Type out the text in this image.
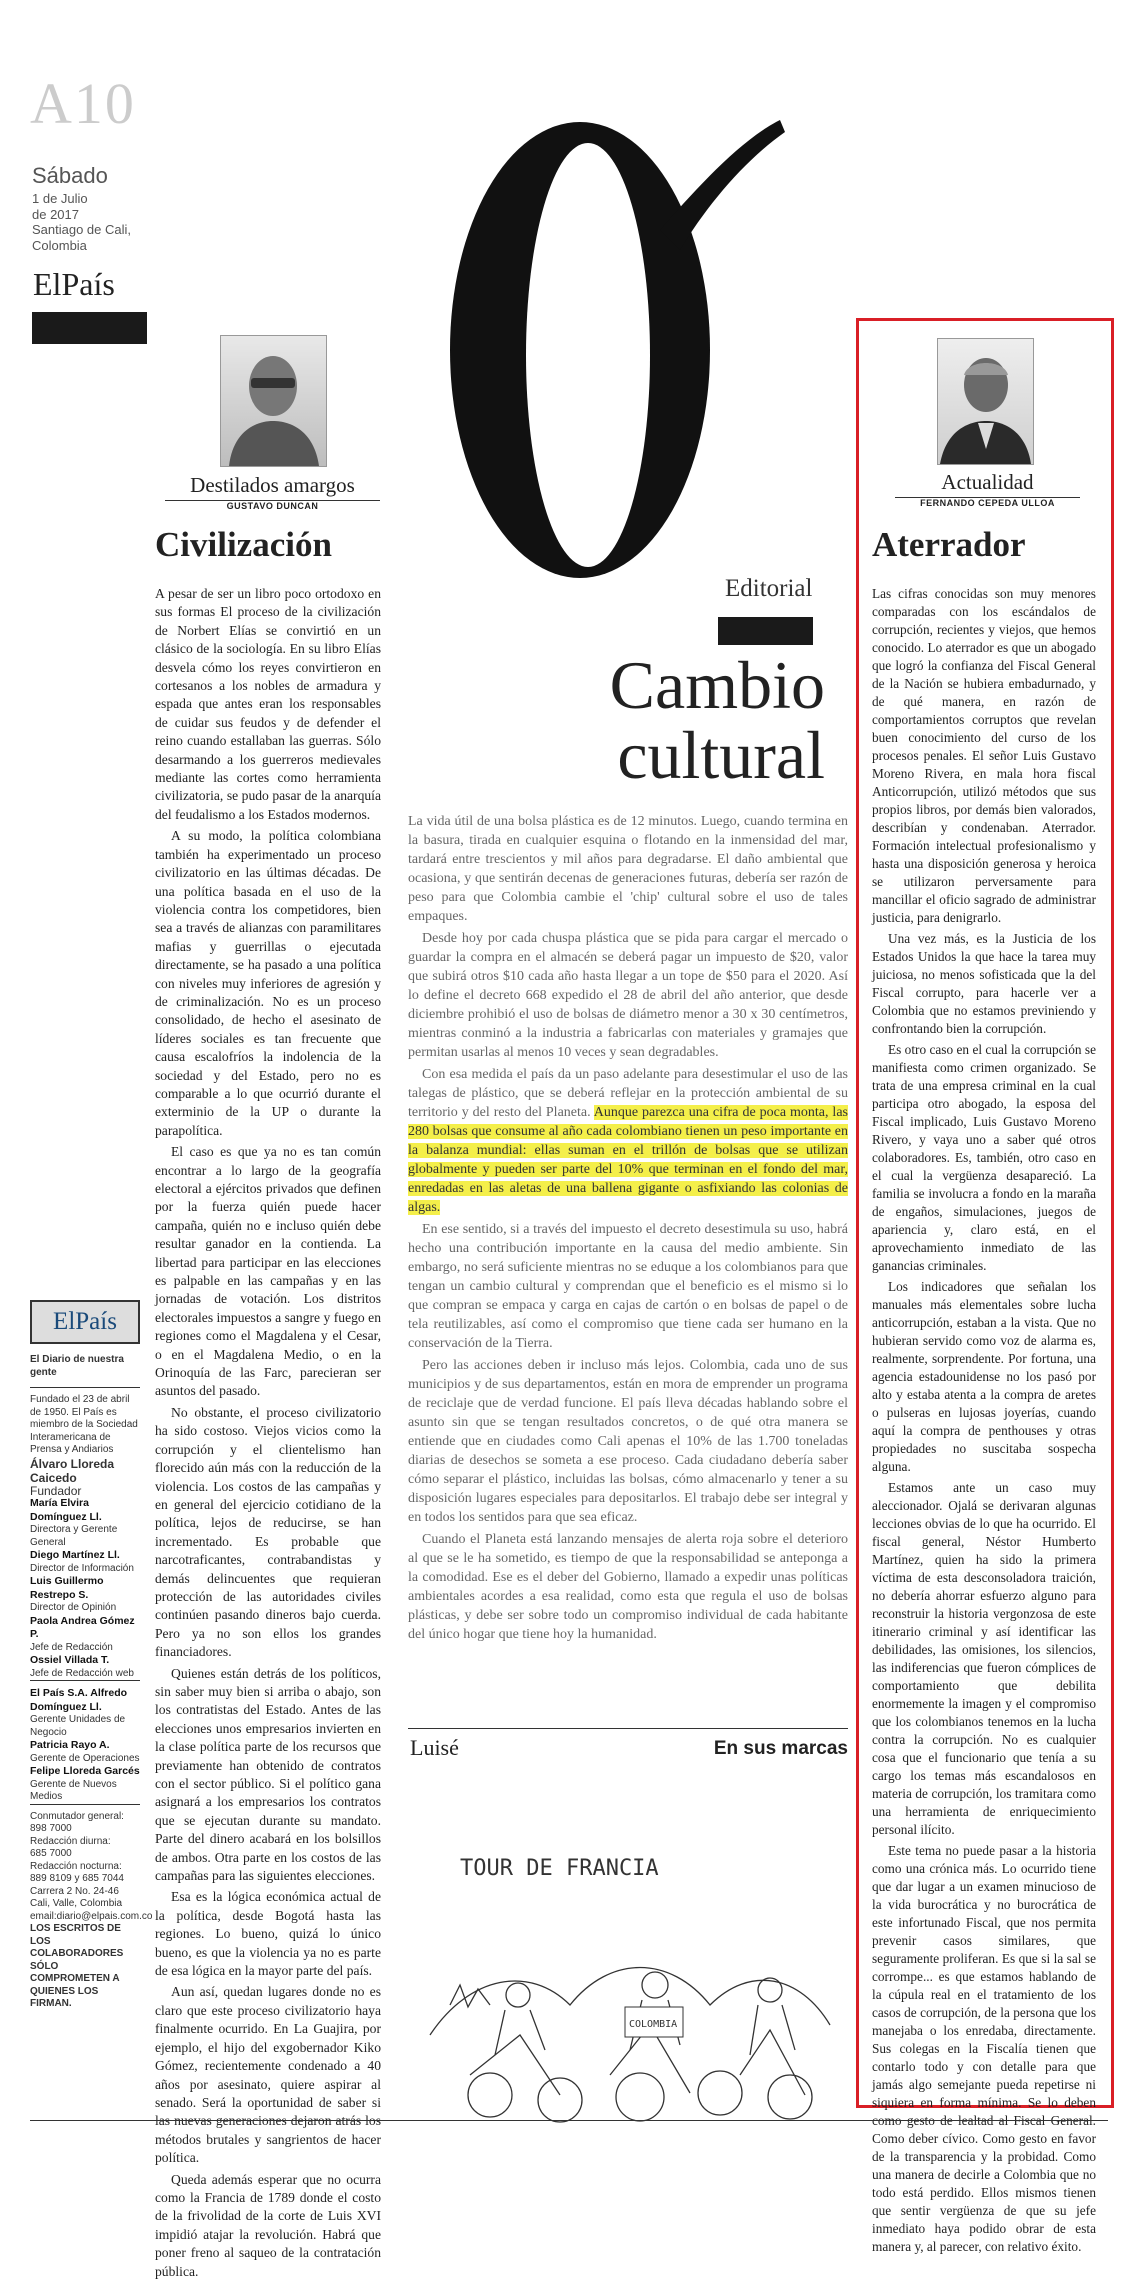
A10
Sábado
1 de Julio
de 2017
Santiago de Cali,
Colombia
ElPaís
ElPaís
El Diario de nuestra gente
Fundado el 23 de abril
de 1950. El País es
miembro de la Sociedad
Interamericana de
Prensa y Andiarios
Álvaro Lloreda Caicedo
Fundador
María Elvira Domínguez Ll.
Directora y Gerente General
Diego Martínez Ll.
Director de Información
Luis Guillermo Restrepo S.
Director de Opinión
Paola Andrea Gómez P.
Jefe de Redacción
Ossiel Villada T.
Jefe de Redacción web
El País S.A. Alfredo Domínguez Ll.
Gerente Unidades de Negocio
Patricia Rayo A.
Gerente de Operaciones
Felipe Lloreda Garcés
Gerente de Nuevos Medios
Conmutador general:
898 7000
Redacción diurna:
685 7000
Redacción nocturna:
889 8109 y 685 7044
Carrera 2 No. 24-46
Cali, Valle, Colombia
email:diario@elpais.com.co
LOS ESCRITOS DE LOS COLABORADORES SÓLO COMPROMETEN A QUIENES LOS FIRMAN.
Destilados amargos
GUSTAVO DUNCAN
Civilización

A pesar de ser un libro poco ortodoxo en sus formas El proceso de la civilización de Norbert Elías se convirtió en un clásico de la sociología. En su libro Elías desvela cómo los reyes convirtieron en cortesanos a los nobles de armadura y espada que antes eran los responsables de cuidar sus feudos y de defender el reino cuando estallaban las guerras. Sólo desarmando a los guerreros medievales mediante las cortes como herramienta civilizatoria, se pudo pasar de la anarquía del feudalismo a los Estados modernos.

A su modo, la política colombiana también ha experimentado un proceso civilizatorio en las últimas décadas. De una política basada en el uso de la violencia contra los competidores, bien sea a través de alianzas con paramilitares mafias y guerrillas o ejecutada directamente, se ha pasado a una política con niveles muy inferiores de agresión y de criminalización. No es un proceso consolidado, de hecho el asesinato de líderes sociales es tan frecuente que causa escalofríos la indolencia de la sociedad y del Estado, pero no es comparable a lo que ocurrió durante el exterminio de la UP o durante la parapolítica.

El caso es que ya no es tan común encontrar a lo largo de la geografía electoral a ejércitos privados que definen por la fuerza quién puede hacer campaña, quién no e incluso quién debe resultar ganador en la contienda. La libertad para participar en las elecciones es palpable en las campañas y en las jornadas de votación. Los distritos electorales impuestos a sangre y fuego en regiones como el Magdalena y el Cesar, o en el Magdalena Medio, o en la Orinoquía de las Farc, parecieran ser asuntos del pasado.

No obstante, el proceso civilizatorio ha sido costoso. Viejos vicios como la corrupción y el clientelismo han florecido aún más con la reducción de la violencia. Los costos de las campañas y en general del ejercicio cotidiano de la política, lejos de reducirse, se han incrementado. Es probable que narcotraficantes, contrabandistas y demás delincuentes que requieran protección de las autoridades civiles continúen pasando dineros bajo cuerda. Pero ya no son ellos los grandes financiadores.

Quienes están detrás de los políticos, sin saber muy bien si arriba o abajo, son los contratistas del Estado. Antes de las elecciones unos empresarios invierten en la clase política parte de los recursos que previamente han obtenido de contratos con el sector público. Si el político gana asignará a los empresarios los contratos que se ejecutan durante su mandato. Parte del dinero acabará en los bolsillos de ambos. Otra parte en los costos de las campañas para las siguientes elecciones.

Esa es la lógica económica actual de la política, desde Bogotá hasta las regiones. Lo bueno, quizá lo único bueno, es que la violencia ya no es parte de esa lógica en la mayor parte del país.

Aun así, quedan lugares donde no es claro que este proceso civilizatorio haya finalmente ocurrido. En La Guajira, por ejemplo, el hijo del exgobernador Kiko Gómez, recientemente condenado a 40 años por asesinato, quiere aspirar al senado. Será la oportunidad de saber si las nuevas generaciones dejaron atrás los métodos brutales y sangrientos de hacer política.

Queda además esperar que no ocurra como la Francia de 1789 donde el costo de la frivolidad de la corte de Luis XVI impidió atajar la revolución. Habrá que poner freno al saqueo de la contratación pública.

Editorial
Cambio
cultural

La vida útil de una bolsa plástica es de 12 minutos. Luego, cuando termina en la basura, tirada en cualquier esquina o flotando en la inmensidad del mar, tardará entre trescientos y mil años para degradarse. El daño ambiental que ocasiona, y que sentirán decenas de generaciones futuras, debería ser razón de peso para que Colombia cambie el 'chip' cultural sobre el uso de tales empaques.

Desde hoy por cada chuspa plástica que se pida para cargar el mercado o guardar la compra en el almacén se deberá pagar un impuesto de $20, valor que subirá otros $10 cada año hasta llegar a un tope de $50 para el 2020. Así lo define el decreto 668 expedido el 28 de abril del año anterior, que desde diciembre prohibió el uso de bolsas de diámetro menor a 30 x 30 centímetros, mientras conminó a la industria a fabricarlas con materiales y gramajes que permitan usarlas al menos 10 veces y sean degradables.

Con esa medida el país da un paso adelante para desestimular el uso de las talegas de plástico, que se deberá reflejar en la protección ambiental de su territorio y del resto del Planeta. Aunque parezca una cifra de poca monta, las 280 bolsas que consume al año cada colombiano tienen un peso importante en la balanza mundial: ellas suman en el trillón de bolsas que se utilizan globalmente y pueden ser parte del 10% que terminan en el fondo del mar, enredadas en las aletas de una ballena gigante o asfixiando las colonias de algas.

En ese sentido, si a través del impuesto el decreto desestimula su uso, habrá hecho una contribución importante en la causa del medio ambiente. Sin embargo, no será suficiente mientras no se eduque a los colombianos para que tengan un cambio cultural y comprendan que el beneficio es el mismo si lo que compran se empaca y carga en cajas de cartón o en bolsas de papel o de tela reutilizables, así como el compromiso que tiene cada ser humano en la conservación de la Tierra.

Pero las acciones deben ir incluso más lejos. Colombia, cada uno de sus municipios y de sus departamentos, están en mora de emprender un programa de reciclaje que de verdad funcione. El país lleva décadas hablando sobre el asunto sin que se tengan resultados concretos, o de qué otra manera se entiende que en ciudades como Cali apenas el 10% de las 1.700 toneladas diarias de desechos se someta a ese proceso. Cada ciudadano debería saber cómo separar el plástico, incluidas las bolsas, cómo almacenarlo y tener a su disposición lugares especiales para depositarlos. El trabajo debe ser integral y en todos los sentidos para que sea eficaz.

Cuando el Planeta está lanzando mensajes de alerta roja sobre el deterioro al que se le ha sometido, es tiempo de que la responsabilidad se anteponga a la comodidad. Ese es el deber del Gobierno, llamado a expedir unas políticas ambientales acordes a esa realidad, como esta que regula el uso de bolsas plásticas, y debe ser sobre todo un compromiso individual de cada habitante del único hogar que tiene hoy la humanidad.

Luisé	En sus marcas
TOUR DE FRANCIA
COLOMBIA
Actualidad
FERNANDO CEPEDA ULLOA
Aterrador

Las cifras conocidas son muy menores comparadas con los escándalos de corrupción, recientes y viejos, que hemos conocido. Lo aterrador es que un abogado que logró la confianza del Fiscal General de la Nación se hubiera embadurnado, y de qué manera, en razón de comportamientos corruptos que revelan buen conocimiento del curso de los procesos penales. El señor Luis Gustavo Moreno Rivera, en mala hora fiscal Anticorrupción, utilizó métodos que sus propios libros, por demás bien valorados, describían y condenaban. Aterrador. Formación intelectual profesionalismo y hasta una disposición generosa y heroica se utilizaron perversamente para mancillar el oficio sagrado de administrar justicia, para denigrarlo.

Una vez más, es la Justicia de los Estados Unidos la que hace la tarea muy juiciosa, no menos sofisticada que la del Fiscal corrupto, para hacerle ver a Colombia que no estamos previniendo y confrontando bien la corrupción.

Es otro caso en el cual la corrupción se manifiesta como crimen organizado. Se trata de una empresa criminal en la cual participa otro abogado, la esposa del Fiscal implicado, Luis Gustavo Moreno Rivero, y vaya uno a saber qué otros colaboradores. Es, también, otro caso en el cual la vergüenza desapareció. La familia se involucra a fondo en la maraña de engaños, simulaciones, juegos de apariencia y, claro está, en el aprovechamiento inmediato de las ganancias criminales.

Los indicadores que señalan los manuales más elementales sobre lucha anticorrupción, estaban a la vista. Que no hubieran servido como voz de alarma es, realmente, sorprendente. Por fortuna, una agencia estadounidense no los pasó por alto y estaba atenta a la compra de aretes o pulseras en lujosas joyerías, cuando aquí la compra de penthouses y otras propiedades no suscitaba sospecha alguna.

Estamos ante un caso muy aleccionador. Ojalá se derivaran algunas lecciones obvias de lo que ha ocurrido. El fiscal general, Néstor Humberto Martínez, quien ha sido la primera víctima de esta desconsoladora traición, no debería ahorrar esfuerzo alguno para reconstruir la historia vergonzosa de este itinerario criminal y así identificar las debilidades, las omisiones, los silencios, las indiferencias que fueron cómplices de comportamiento que debilita enormemente la imagen y el compromiso que los colombianos tenemos en la lucha contra la corrupción. No es cualquier cosa que el funcionario que tenía a su cargo los temas más escandalosos en materia de corrupción, los tramitara como una herramienta de enriquecimiento personal ilícito.

Este tema no puede pasar a la historia como una crónica más. Lo ocurrido tiene que dar lugar a un examen minucioso de la vida burocrática y no burocrática de este infortunado Fiscal, que nos permita prevenir casos similares, que seguramente proliferan. Es que si la sal se corrompe... es que estamos hablando de la cúpula real en el tratamiento de los casos de corrupción, de la persona que los manejaba o los enredaba, directamente. Sus colegas en la Fiscalía tienen que contarlo todo y con detalle para que jamás algo semejante pueda repetirse ni siquiera en forma mínima. Se lo deben como gesto de lealtad al Fiscal General. Como deber cívico. Como gesto en favor de la transparencia y la probidad. Como una manera de decirle a Colombia que no todo está perdido. Ellos mismos tienen que sentir vergüenza de que su jefe inmediato haya podido obrar de esta manera y, al parecer, con relativo éxito.
